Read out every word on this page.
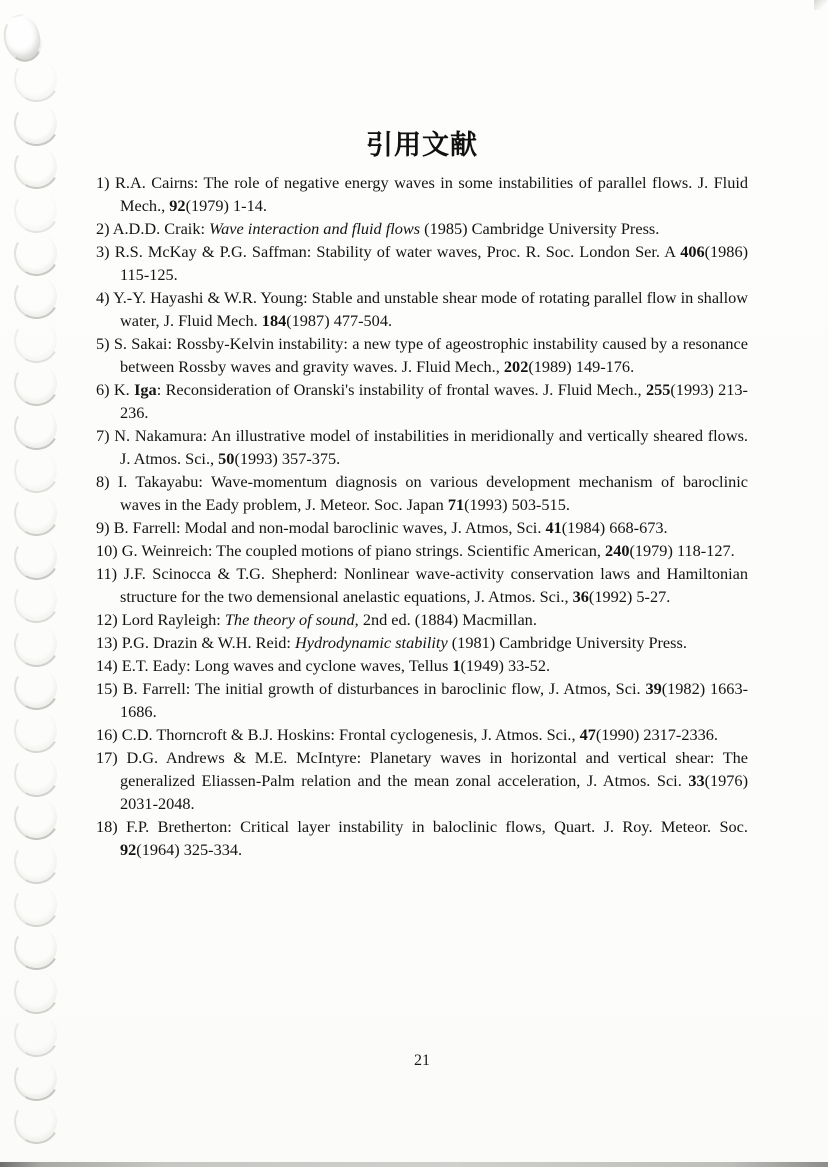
引用文献
1) R.A. Cairns: The role of negative energy waves in some instabilities of parallel flows. J. Fluid Mech., 92(1979) 1-14.
2) A.D.D. Craik: Wave interaction and fluid flows (1985) Cambridge University Press.
3) R.S. McKay & P.G. Saffman: Stability of water waves, Proc. R. Soc. London Ser. A 406(1986) 115-125.
4) Y.-Y. Hayashi & W.R. Young: Stable and unstable shear mode of rotating parallel flow in shallow water, J. Fluid Mech. 184(1987) 477-504.
5) S. Sakai: Rossby-Kelvin instability: a new type of ageostrophic instability caused by a resonance between Rossby waves and gravity waves. J. Fluid Mech., 202(1989) 149-176.
6) K. Iga: Reconsideration of Oranski's instability of frontal waves. J. Fluid Mech., 255(1993) 213-236.
7) N. Nakamura: An illustrative model of instabilities in meridionally and vertically sheared flows. J. Atmos. Sci., 50(1993) 357-375.
8) I. Takayabu: Wave-momentum diagnosis on various development mechanism of baroclinic waves in the Eady problem, J. Meteor. Soc. Japan 71(1993) 503-515.
9) B. Farrell: Modal and non-modal baroclinic waves, J. Atmos, Sci. 41(1984) 668-673.
10) G. Weinreich: The coupled motions of piano strings. Scientific American, 240(1979) 118-127.
11) J.F. Scinocca & T.G. Shepherd: Nonlinear wave-activity conservation laws and Hamiltonian structure for the two demensional anelastic equations, J. Atmos. Sci., 36(1992) 5-27.
12) Lord Rayleigh: The theory of sound, 2nd ed. (1884) Macmillan.
13) P.G. Drazin & W.H. Reid: Hydrodynamic stability (1981) Cambridge University Press.
14) E.T. Eady: Long waves and cyclone waves, Tellus 1(1949) 33-52.
15) B. Farrell: The initial growth of disturbances in baroclinic flow, J. Atmos, Sci. 39(1982) 1663-1686.
16) C.D. Thorncroft & B.J. Hoskins: Frontal cyclogenesis, J. Atmos. Sci., 47(1990) 2317-2336.
17) D.G. Andrews & M.E. McIntyre: Planetary waves in horizontal and vertical shear: The generalized Eliassen-Palm relation and the mean zonal acceleration, J. Atmos. Sci. 33(1976) 2031-2048.
18) F.P. Bretherton: Critical layer instability in baloclinic flows, Quart. J. Roy. Meteor. Soc. 92(1964) 325-334.
21
